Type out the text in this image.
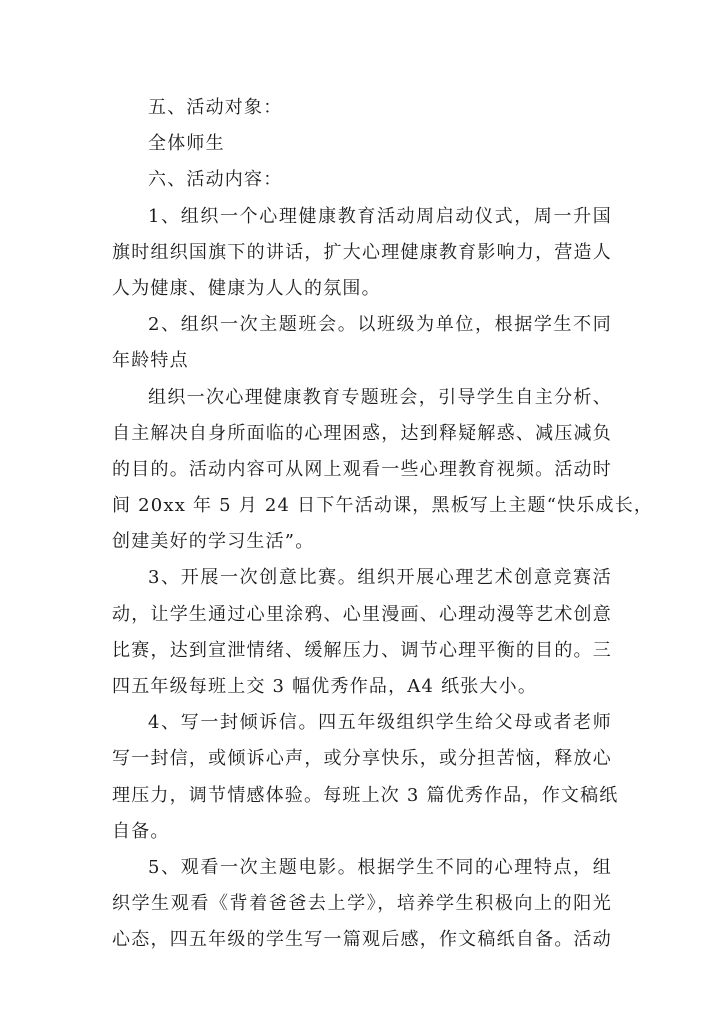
五、活动对象：
全体师生
六、活动内容：
1、组织一个心理健康教育活动周启动仪式，周一升国
旗时组织国旗下的讲话，扩大心理健康教育影响力，营造人
人为健康、健康为人人的氛围。
2、组织一次主题班会。以班级为单位，根据学生不同
年龄特点
组织一次心理健康教育专题班会，引导学生自主分析、
自主解决自身所面临的心理困惑，达到释疑解惑、减压减负
的目的。活动内容可从网上观看一些心理教育视频。活动时
间 20xx 年 5 月 24 日下午活动课，黑板写上主题“快乐成长，
创建美好的学习生活”。
3、开展一次创意比赛。组织开展心理艺术创意竞赛活
动，让学生通过心里涂鸦、心里漫画、心理动漫等艺术创意
比赛，达到宣泄情绪、缓解压力、调节心理平衡的目的。三
四五年级每班上交 3 幅优秀作品，A4 纸张大小。
4、写一封倾诉信。四五年级组织学生给父母或者老师
写一封信，或倾诉心声，或分享快乐，或分担苦恼，释放心
理压力，调节情感体验。每班上次 3 篇优秀作品，作文稿纸
自备。
5、观看一次主题电影。根据学生不同的心理特点，组
织学生观看《背着爸爸去上学》，培养学生积极向上的阳光
心态，四五年级的学生写一篇观后感，作文稿纸自备。活动
